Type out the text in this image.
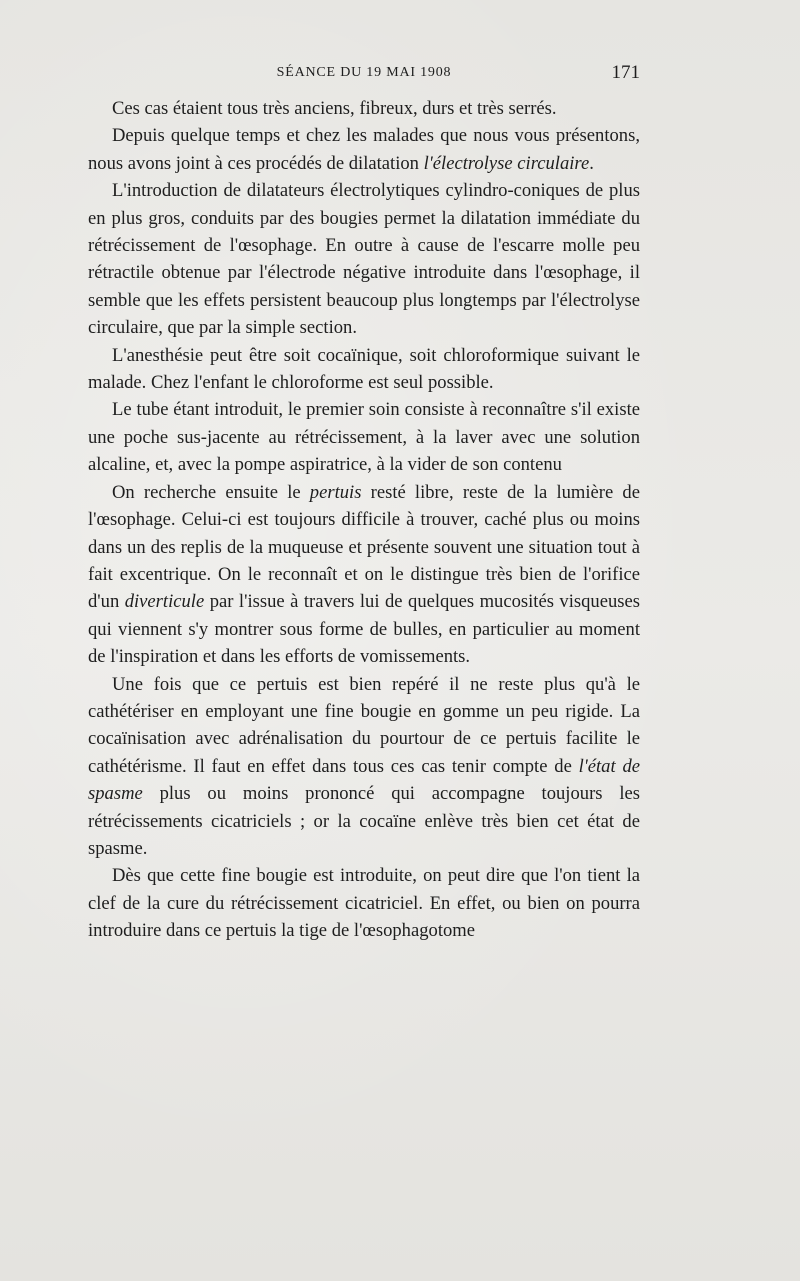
SÉANCE DU 19 MAI 1908	171

Ces cas étaient tous très anciens, fibreux, durs et très serrés.

Depuis quelque temps et chez les malades que nous vous présentons, nous avons joint à ces procédés de dilatation l'électrolyse circulaire.

L'introduction de dilatateurs électrolytiques cylindro-coniques de plus en plus gros, conduits par des bougies permet la dilatation immédiate du rétrécissement de l'œsophage. En outre à cause de l'escarre molle peu rétractile obtenue par l'électrode négative introduite dans l'œsophage, il semble que les effets persistent beaucoup plus longtemps par l'électrolyse circulaire, que par la simple section.

L'anesthésie peut être soit cocaïnique, soit chloroformique suivant le malade. Chez l'enfant le chloroforme est seul possible.

Le tube étant introduit, le premier soin consiste à reconnaître s'il existe une poche sus-jacente au rétrécissement, à la laver avec une solution alcaline, et, avec la pompe aspiratrice, à la vider de son contenu

On recherche ensuite le pertuis resté libre, reste de la lumière de l'œsophage. Celui-ci est toujours difficile à trouver, caché plus ou moins dans un des replis de la muqueuse et présente souvent une situation tout à fait excentrique. On le reconnaît et on le distingue très bien de l'orifice d'un diverticule par l'issue à travers lui de quelques mucosités visqueuses qui viennent s'y montrer sous forme de bulles, en particulier au moment de l'inspiration et dans les efforts de vomissements.

Une fois que ce pertuis est bien repéré il ne reste plus qu'à le cathétériser en employant une fine bougie en gomme un peu rigide. La cocaïnisation avec adrénalisation du pourtour de ce pertuis facilite le cathétérisme. Il faut en effet dans tous ces cas tenir compte de l'état de spasme plus ou moins prononcé qui accompagne toujours les rétrécissements cicatriciels ; or la cocaïne enlève très bien cet état de spasme.

Dès que cette fine bougie est introduite, on peut dire que l'on tient la clef de la cure du rétrécissement cicatriciel. En effet, ou bien on pourra introduire dans ce pertuis la tige de l'œsophagotome
